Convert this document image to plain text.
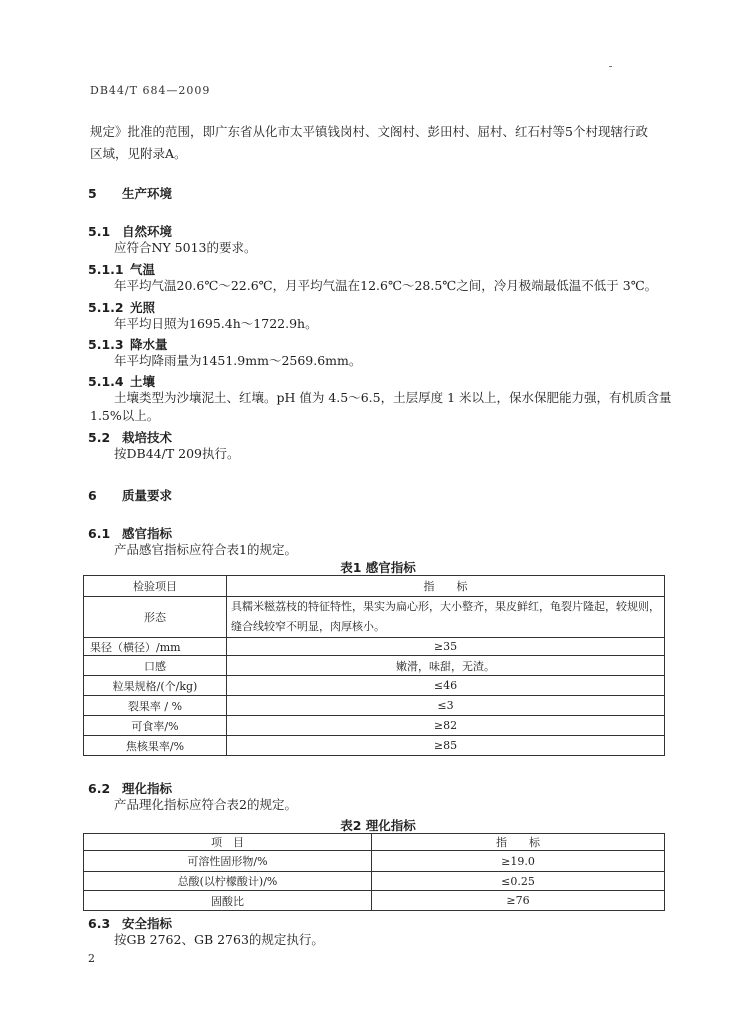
DB44/T 684—2009
规定》批准的范围，即广东省从化市太平镇钱岗村、文阁村、彭田村、屈村、红石村等5个村现辖行政
区域，见附录A。
5 生产环境
5.1 自然环境
应符合NY 5013的要求。
5.1.1 气温
年平均气温20.6℃～22.6℃，月平均气温在12.6℃～28.5℃之间，冷月极端最低温不低于 3℃。
5.1.2 光照
年平均日照为1695.4h～1722.9h。
5.1.3 降水量
年平均降雨量为1451.9mm～2569.6mm。
5.1.4 土壤
土壤类型为沙壤泥土、红壤。pH 值为 4.5～6.5，土层厚度 1 米以上，保水保肥能力强，有机质含量
1.5%以上。
5.2 栽培技术
按DB44/T 209执行。
6 质量要求
6.1 感官指标
产品感官指标应符合表1的规定。
表1 感官指标
检验项目	指　　标
形态	具糯米糍荔枝的特征特性，果实为扁心形，大小整齐，果皮鲜红，龟裂片隆起，较规则，
缝合线较窄不明显，肉厚核小。

果径（横径）/mm	≥35
口感	嫩滑，味甜，无渣。
粒果规格/(个/kg)	≤46
裂果率 / %	≤3
可食率/%	≥82
焦核果率/%	≥85
6.2 理化指标
产品理化指标应符合表2的规定。
表2 理化指标
项　目	指　　标
可溶性固形物/%	≥19.0
总酸(以柠檬酸计)/%	≤0.25
固酸比	≥76
6.3 安全指标
按GB 2762、GB 2763的规定执行。
2
